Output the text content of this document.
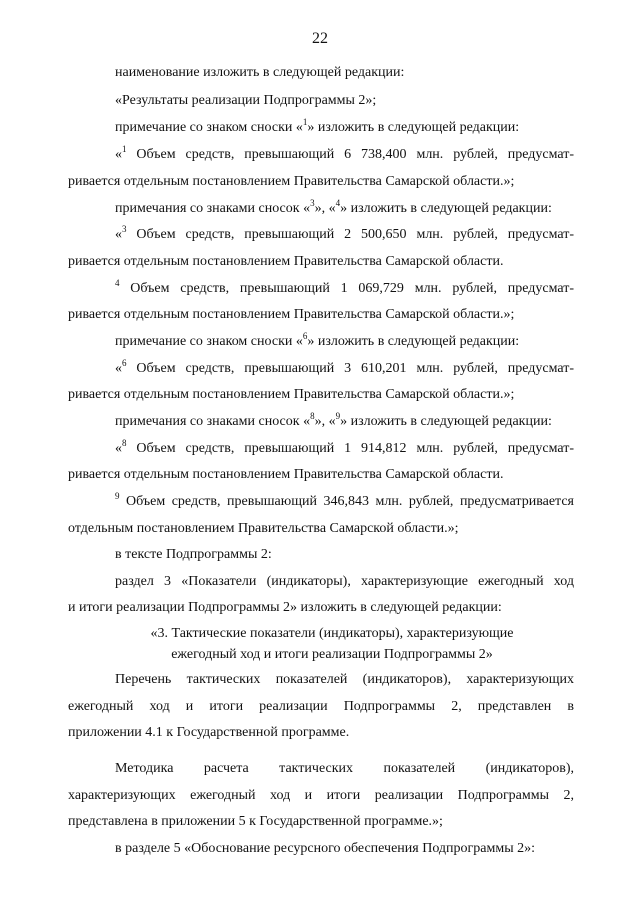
22
наименование изложить в следующей редакции:
«Результаты реализации Подпрограммы 2»;
примечание со знаком сноски «$^1$» изложить в следующей редакции:
«$^1$ Объем средств, превышающий 6 738,400 млн. рублей, предусмат-
ривается отдельным постановлением Правительства Самарской области.»;
примечания со знаками сносок «$^3$», «$^4$» изложить в следующей редакции:
«$^3$ Объем средств, превышающий 2 500,650 млн. рублей, предусмат-
ривается отдельным постановлением Правительства Самарской области.
$^4$ Объем средств, превышающий 1 069,729 млн. рублей, предусмат-
ривается отдельным постановлением Правительства Самарской области.»;
примечание со знаком сноски «$^6$» изложить в следующей редакции:
«$^6$ Объем средств, превышающий 3 610,201 млн. рублей, предусмат-
ривается отдельным постановлением Правительства Самарской области.»;
примечания со знаками сносок «$^8$», «$^9$» изложить в следующей редакции:
«$^8$ Объем средств, превышающий 1 914,812 млн. рублей, предусмат-
ривается отдельным постановлением Правительства Самарской области.
$^9$ Объем средств, превышающий 346,843 млн. рублей, предусматривается
отдельным постановлением Правительства Самарской области.»;
в тексте Подпрограммы 2:
раздел 3 «Показатели (индикаторы), характеризующие ежегодный ход
и итоги реализации Подпрограммы 2» изложить в следующей редакции:
«3. Тактические показатели (индикаторы), характеризующие
ежегодный ход и итоги реализации Подпрограммы 2»
Перечень тактических показателей (индикаторов), характеризующих
ежегодный ход и итоги реализации Подпрограммы 2, представлен в
приложении 4.1 к Государственной программе.
Методика расчета тактических показателей (индикаторов),
характеризующих ежегодный ход и итоги реализации Подпрограммы 2,
представлена в приложении 5 к Государственной программе.»;
в разделе 5 «Обоснование ресурсного обеспечения Подпрограммы 2»:
